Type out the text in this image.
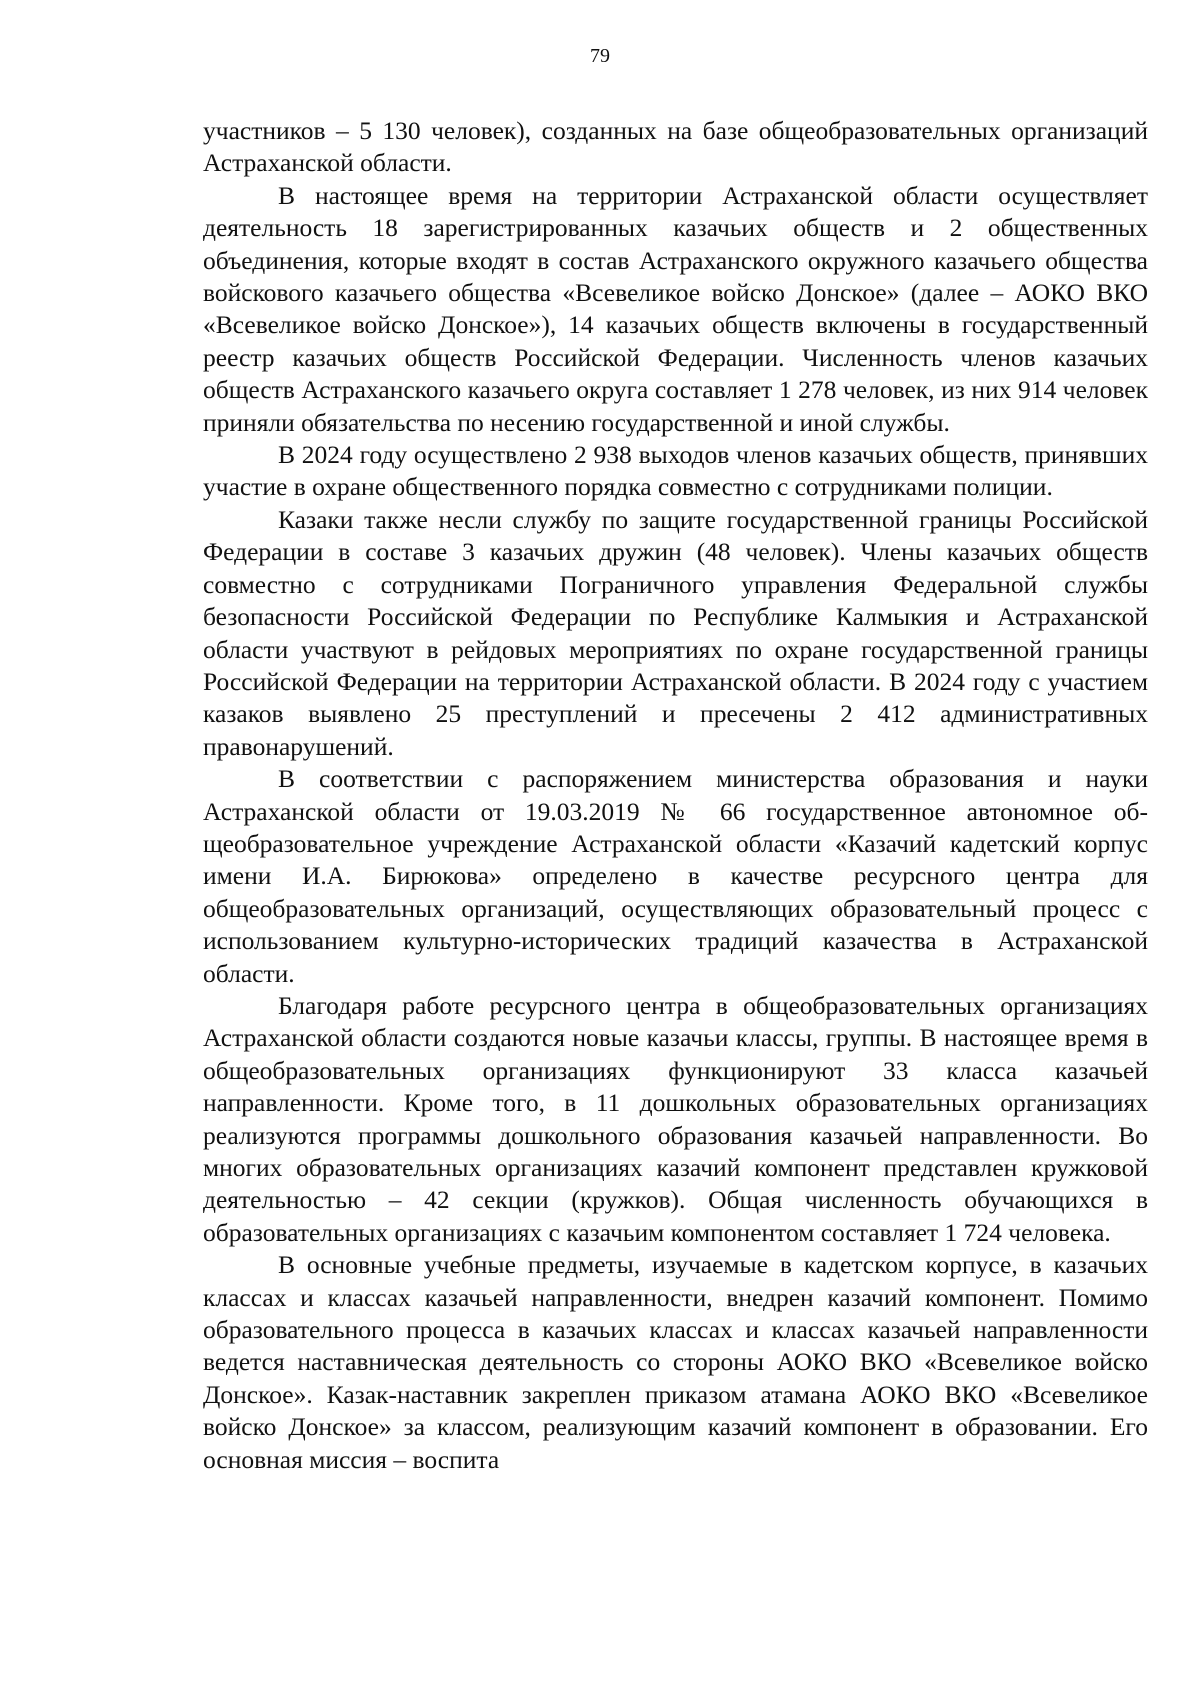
79

участников – 5 130 человек), созданных на базе общеобразовательных организаций Астраханской области.

В настоящее время на территории Астраханской области осуществляет деятельность 18 зарегистрированных казачьих обществ и 2 общественных объединения, которые входят в состав Астраханского окружного казачьего общества войскового казачьего общества «Всевеликое войско Донское» (далее – АОКО ВКО «Всевеликое войско Донское»), 14 казачьих обществ включены в государственный реестр казачьих обществ Российской Федерации. Численность членов казачьих обществ Астраханского казачьего округа составляет 1 278 человек, из них 914 человек приняли обязательства по несению государственной и иной службы.

В 2024 году осуществлено 2 938 выходов членов казачьих обществ, принявших участие в охране общественного порядка совместно с сотрудниками полиции.

Казаки также несли службу по защите государственной границы Российской Федерации в составе 3 казачьих дружин (48 человек). Члены казачьих обществ совместно с сотрудниками Пограничного управления Федеральной службы безопасности Российской Федерации по Республике Калмыкия и Астраханской области участвуют в рейдовых мероприятиях по охране государственной границы Российской Федерации на территории Астраханской области. В 2024 году с участием казаков выявлено 25 преступлений и пресечены 2 412 административных правонарушений.

В соответствии с распоряжением министерства образования и науки Астраханской области от 19.03.2019 № 66 государственное автономное общеобразовательное учреждение Астраханской области «Казачий кадетский корпус имени И.А. Бирюкова» определено в качестве ресурсного центра для общеобразовательных организаций, осуществляющих образовательный процесс с использованием культурно-исторических традиций казачества в Астраханской области.

Благодаря работе ресурсного центра в общеобразовательных организациях Астраханской области создаются новые казачьи классы, группы. В настоящее время в общеобразовательных организациях функционируют 33 класса казачьей направленности. Кроме того, в 11 дошкольных образовательных организациях реализуются программы дошкольного образования казачьей направленности. Во многих образовательных организациях казачий компонент представлен кружковой деятельностью – 42 секции (кружков). Общая численность обучающихся в образовательных организациях с казачьим компонентом составляет 1 724 человека.

В основные учебные предметы, изучаемые в кадетском корпусе, в казачьих классах и классах казачьей направленности, внедрен казачий компонент. Помимо образовательного процесса в казачьих классах и классах казачьей направленности ведется наставническая деятельность со стороны АОКО ВКО «Всевеликое войско Донское». Казак-наставник закреплен приказом атамана АОКО ВКО «Всевеликое войско Донское» за классом, реализующим казачий компонент в образовании. Его основная миссия – воспита
